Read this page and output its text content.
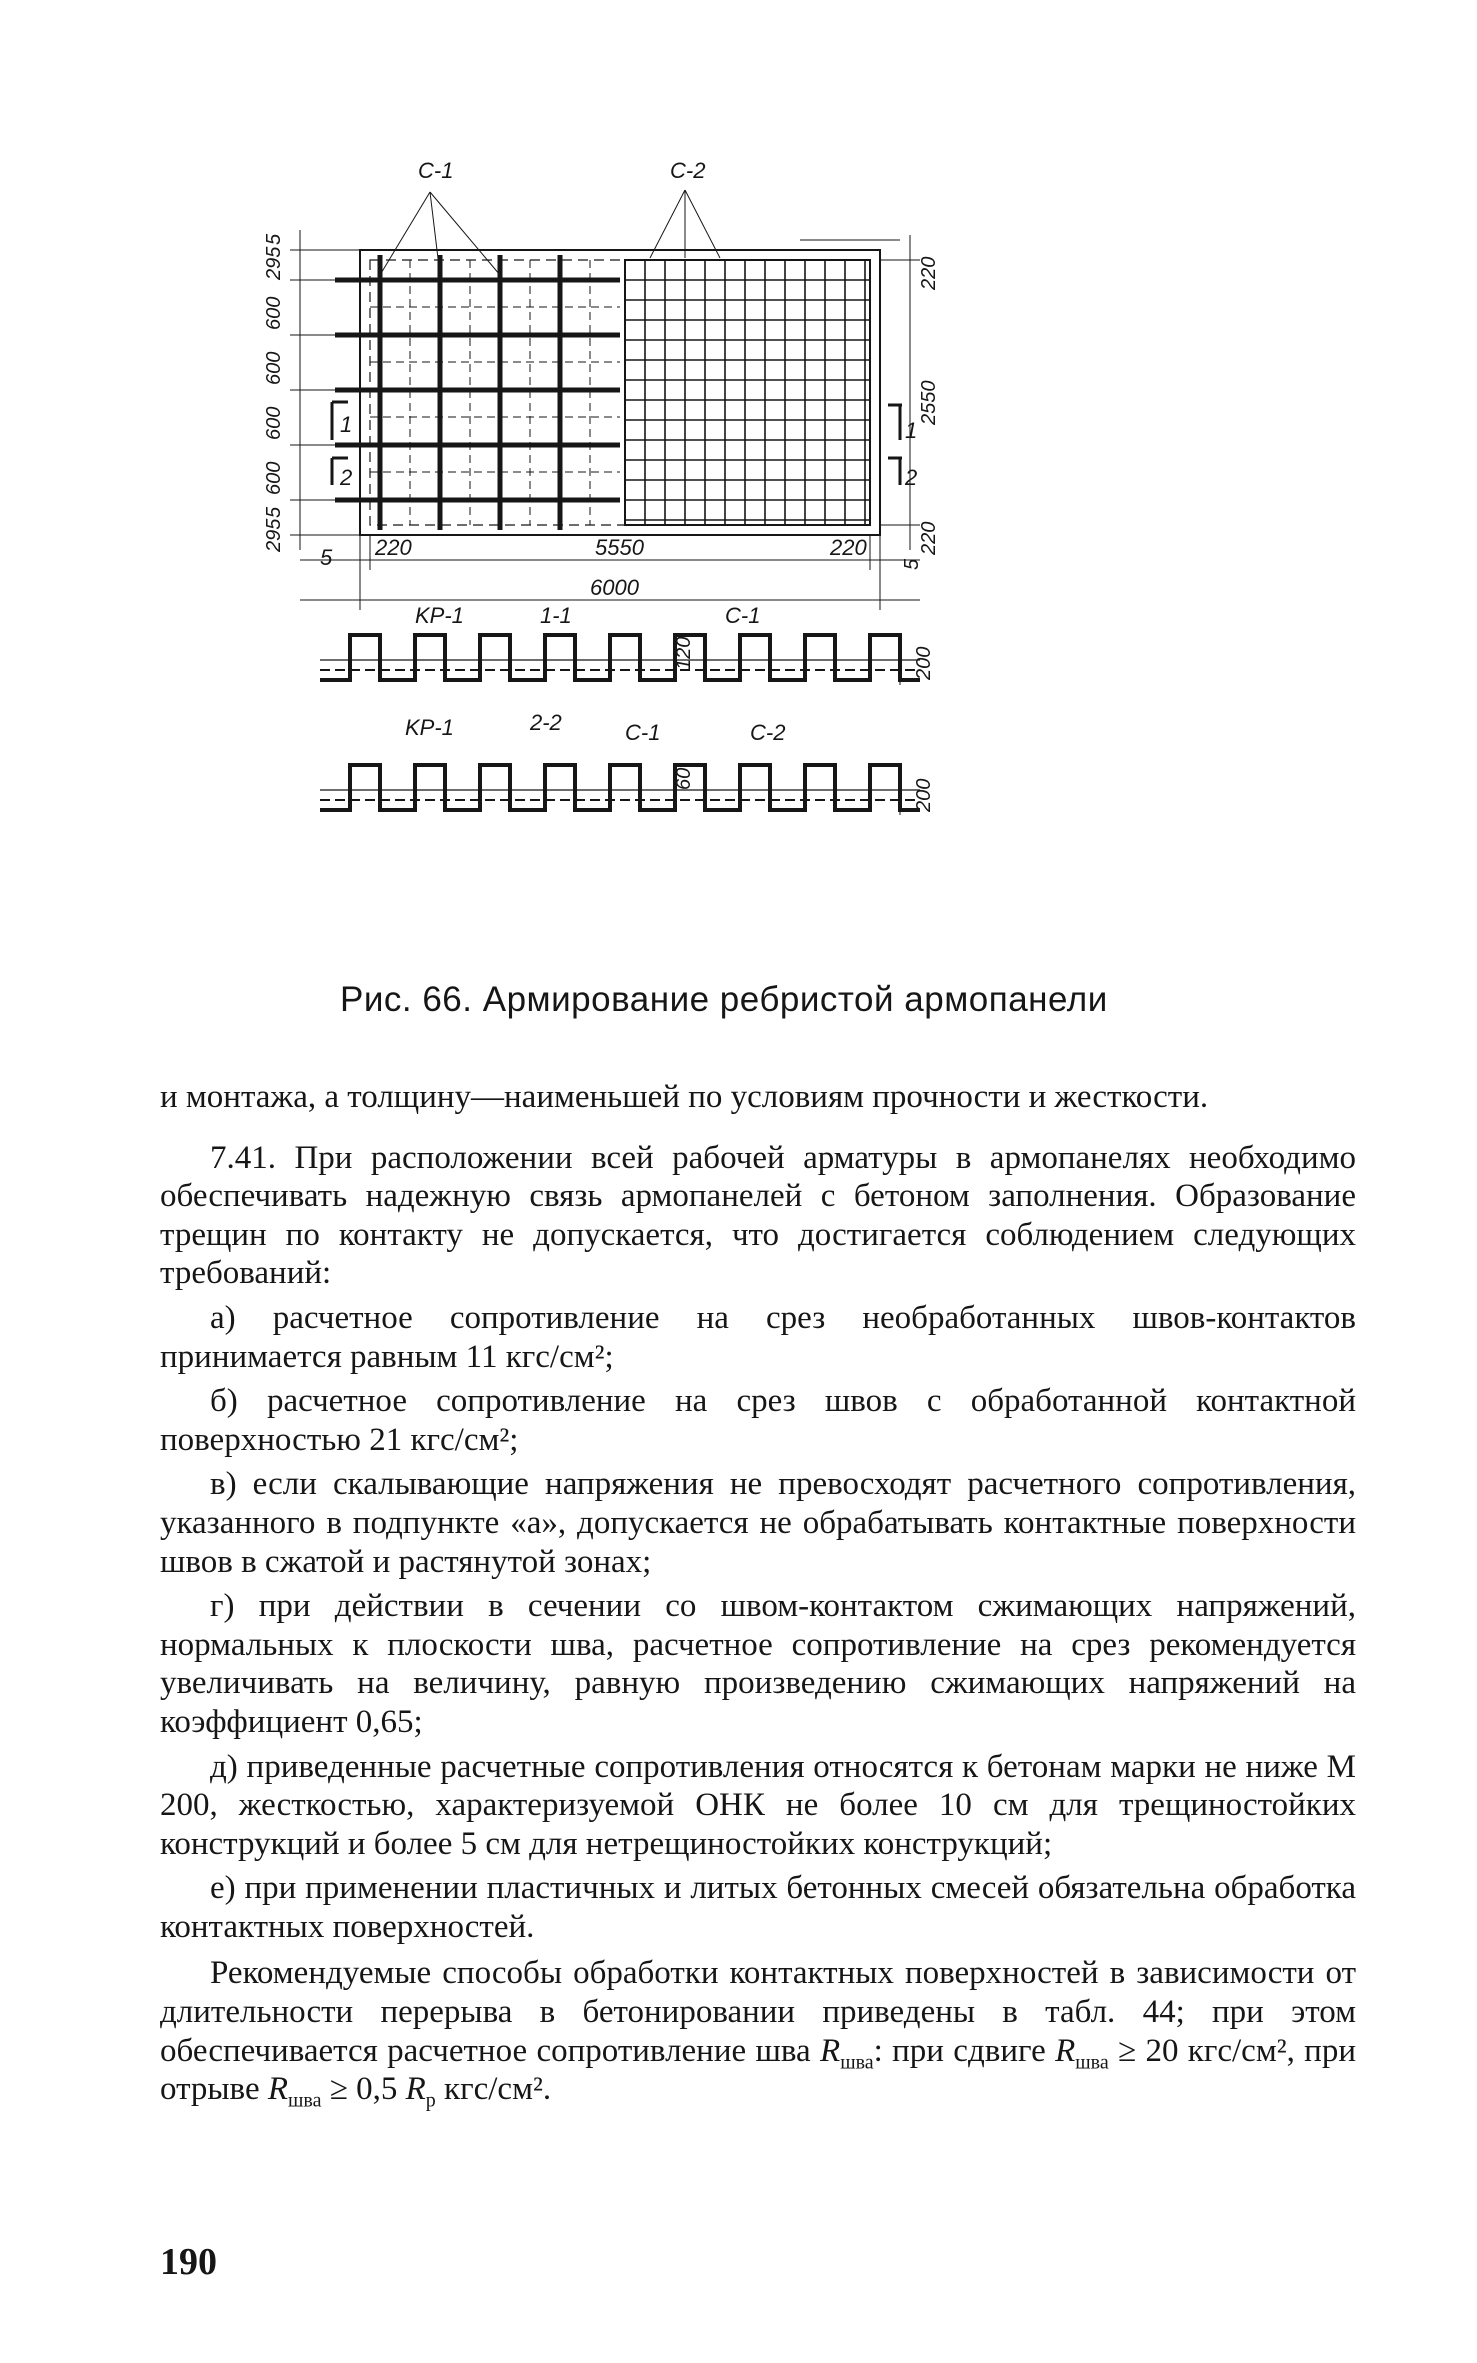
C-1	C-2
1
2
1
2
5 220	5550	220
6000
KP-1	1-1	C-1
KP-1	2-2	C-1	C-2
295
5
600
600
600
600
5
295
220
2550
220
5
120	200
60	200

Рис. 66. Армирование ребристой армопанели

и монтажа, а толщину—наименьшей по условиям прочности и жесткости.

7.41. При расположении всей рабочей арматуры в армопанелях необходимо обеспечивать надежную связь армопанелей с бетоном заполнения. Образование трещин по контакту не допускается, что достигается соблюдением следующих требований:

а) расчетное сопротивление на срез необработанных швов-контактов принимается равным 11 кгс/см²;

б) расчетное сопротивление на срез швов с обработанной контактной поверхностью 21 кгс/см²;

в) если скалывающие напряжения не превосходят расчетного сопротивления, указанного в подпункте «а», допускается не обрабатывать контактные поверхности швов в сжатой и растянутой зонах;

г) при действии в сечении со швом-контактом сжимающих напряжений, нормальных к плоскости шва, расчетное сопротивление на срез рекомендуется увеличивать на величину, равную произведению сжимающих напряжений на коэффициент 0,65;

д) приведенные расчетные сопротивления относятся к бетонам марки не ниже М 200, жесткостью, характеризуемой ОНК не более 10 см для трещиностойких конструкций и более 5 см для нетрещиностойких конструкций;

е) при применении пластичных и литых бетонных смесей обязательна обработка контактных поверхностей.

Рекомендуемые способы обработки контактных поверхностей в зависимости от длительности перерыва в бетонировании приведены в табл. 44; при этом обеспечивается расчетное сопротивление шва $R_{шва}$: при сдвиге $R_{шва} \ge 20$ кгс/см², при отрыве $R_{шва} \ge 0,5$ $R_р$ кгс/см².

190
